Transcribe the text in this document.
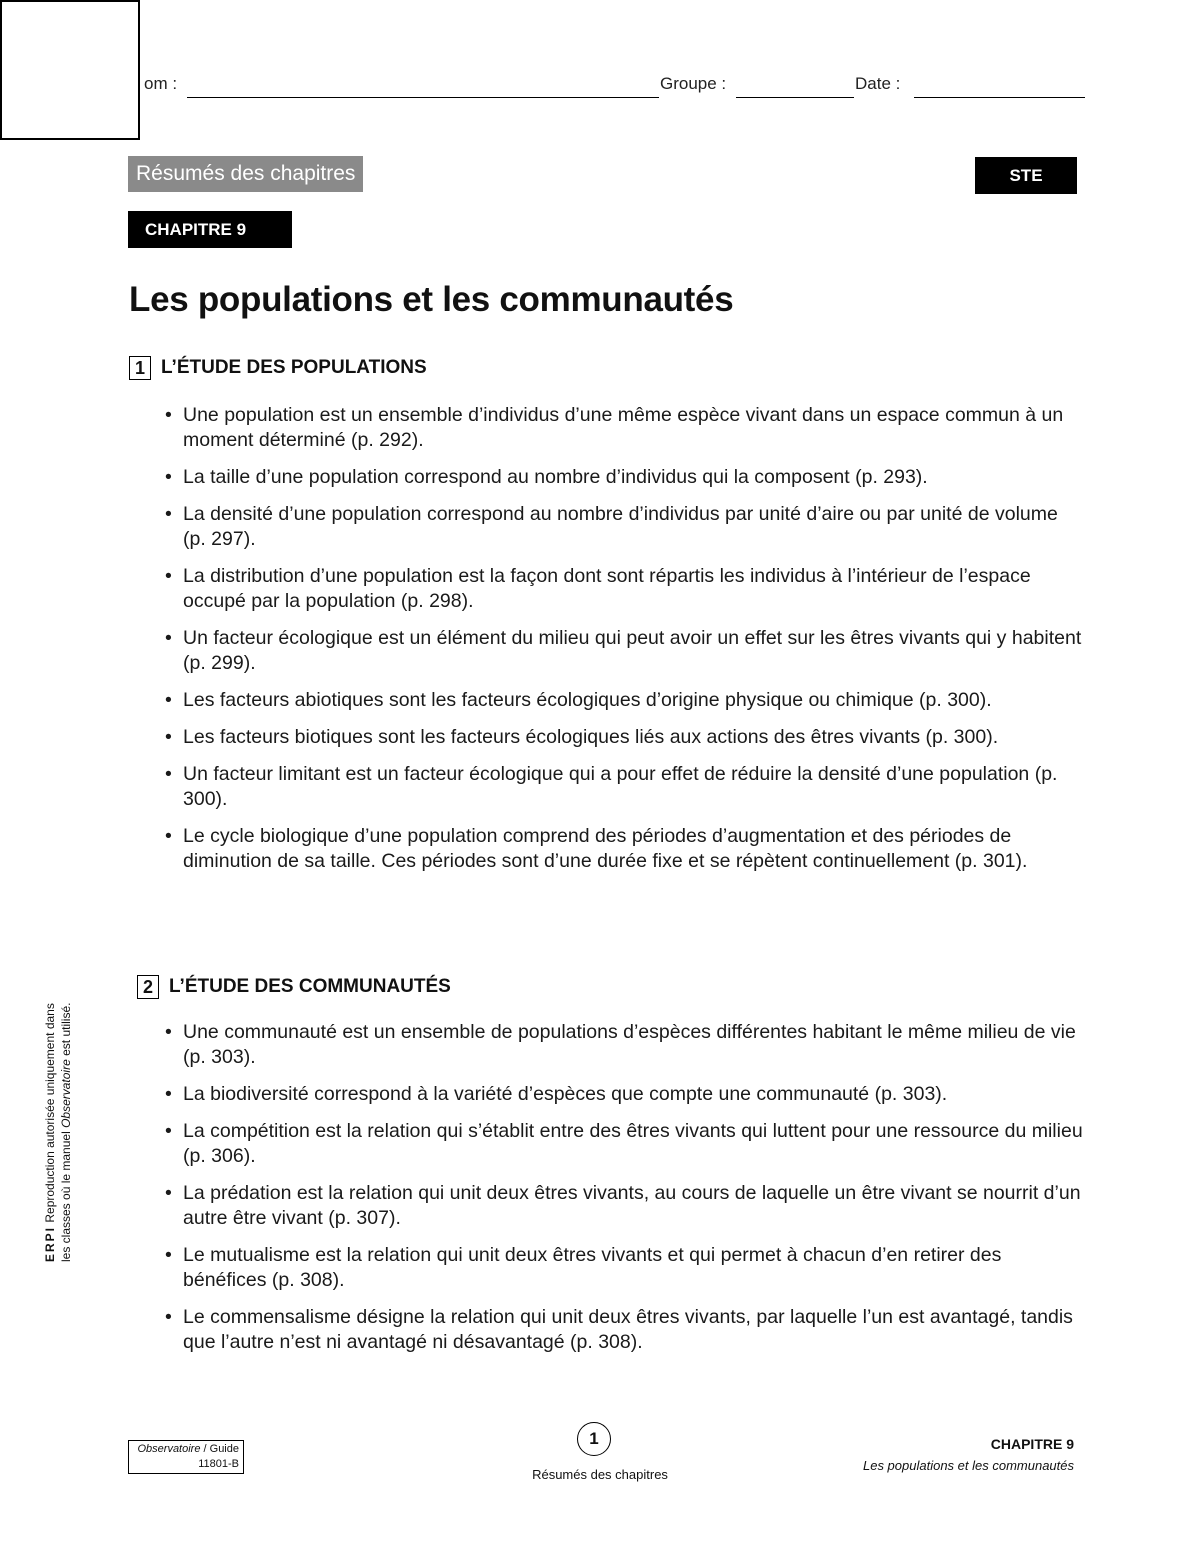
om :	Groupe :	Date :
Résumés des chapitres	STE
CHAPITRE 9
Les populations et les communautés
1 L’ÉTUDE DES POPULATIONS
• Une population est un ensemble d’individus d’une même espèce vivant dans un espace commun à un moment déterminé (p. 292).
• La taille d’une population correspond au nombre d’individus qui la composent (p. 293).
• La densité d’une population correspond au nombre d’individus par unité d’aire ou par unité de volume (p. 297).
• La distribution d’une population est la façon dont sont répartis les individus à l’intérieur de l’espace occupé par la population (p. 298).
• Un facteur écologique est un élément du milieu qui peut avoir un effet sur les êtres vivants qui y habitent (p. 299).
• Les facteurs abiotiques sont les facteurs écologiques d’origine physique ou chimique (p. 300).
• Les facteurs biotiques sont les facteurs écologiques liés aux actions des êtres vivants (p. 300).
• Un facteur limitant est un facteur écologique qui a pour effet de réduire la densité d’une population (p. 300).
• Le cycle biologique d’une population comprend des périodes d’augmentation et des périodes de diminution de sa taille. Ces périodes sont d’une durée fixe et se répètent continuellement (p. 301).
2 L’ÉTUDE DES COMMUNAUTÉS
• Une communauté est un ensemble de populations d’espèces différentes habitant le même milieu de vie (p. 303).
• La biodiversité correspond à la variété d’espèces que compte une communauté (p. 303).
• La compétition est la relation qui s’établit entre des êtres vivants qui luttent pour une ressource du milieu (p. 306).
• La prédation est la relation qui unit deux êtres vivants, au cours de laquelle un être vivant se nourrit d’un autre être vivant (p. 307).
• Le mutualisme est la relation qui unit deux êtres vivants et qui permet à chacun d’en retirer des bénéfices (p. 308).
• Le commensalisme désigne la relation qui unit deux êtres vivants, par laquelle l’un est avantagé, tandis que l’autre n’est ni avantagé ni désavantagé (p. 308).
ERPI Reproduction autorisée uniquement dans les classes où le manuel Observatoire est utilisé.
Observatoire / Guide
11801-B
1
Résumés des chapitres
CHAPITRE 9
Les populations et les communautés
